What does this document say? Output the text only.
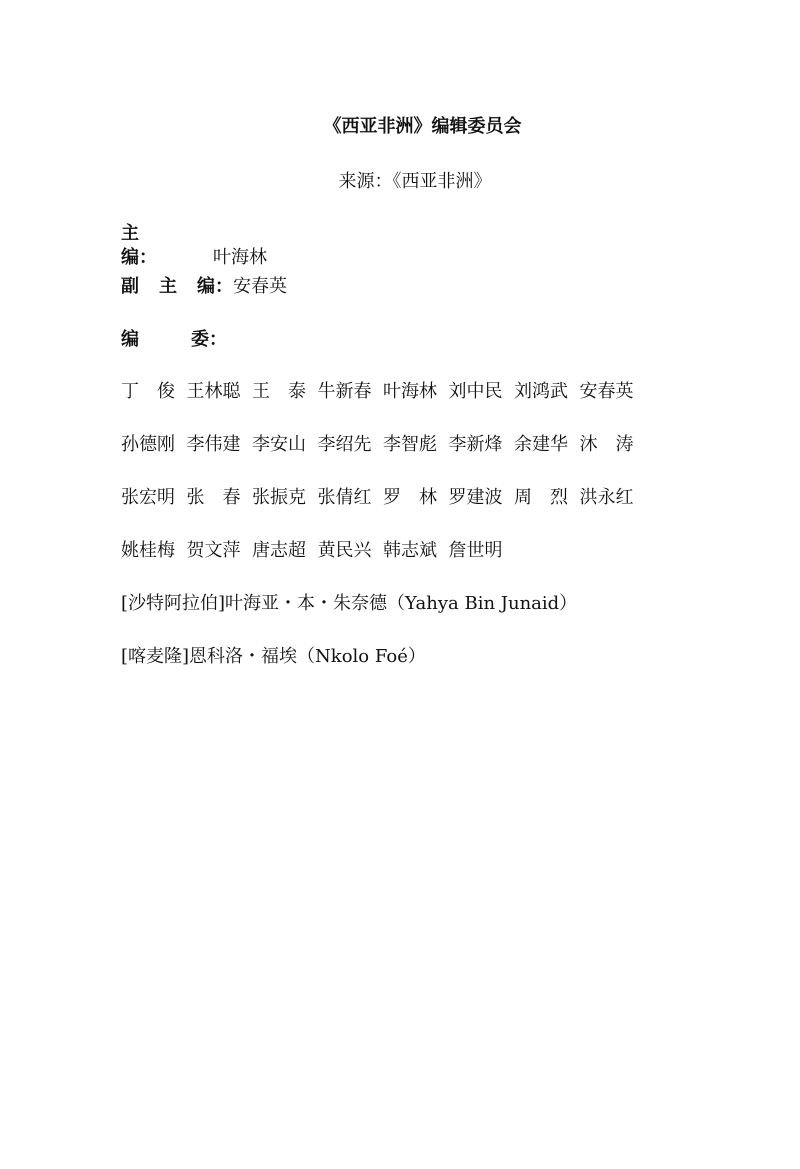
《西亚非洲》编辑委员会
来源：《西亚非洲》
主编：	叶海林
副 主 编：安春英
编	委：
丁　俊 王林聪 王　泰 牛新春 叶海林 刘中民 刘鸿武 安春英
孙德刚 李伟建 李安山 李绍先 李智彪 李新烽 余建华 沐　涛
张宏明 张　春 张振克 张倩红 罗　林 罗建波 周　烈 洪永红
姚桂梅 贺文萍 唐志超 黄民兴 韩志斌 詹世明
[沙特阿拉伯]叶海亚・本・朱奈德（Yahya Bin Junaid）
[喀麦隆]恩科洛・福埃（Nkolo Foé）
